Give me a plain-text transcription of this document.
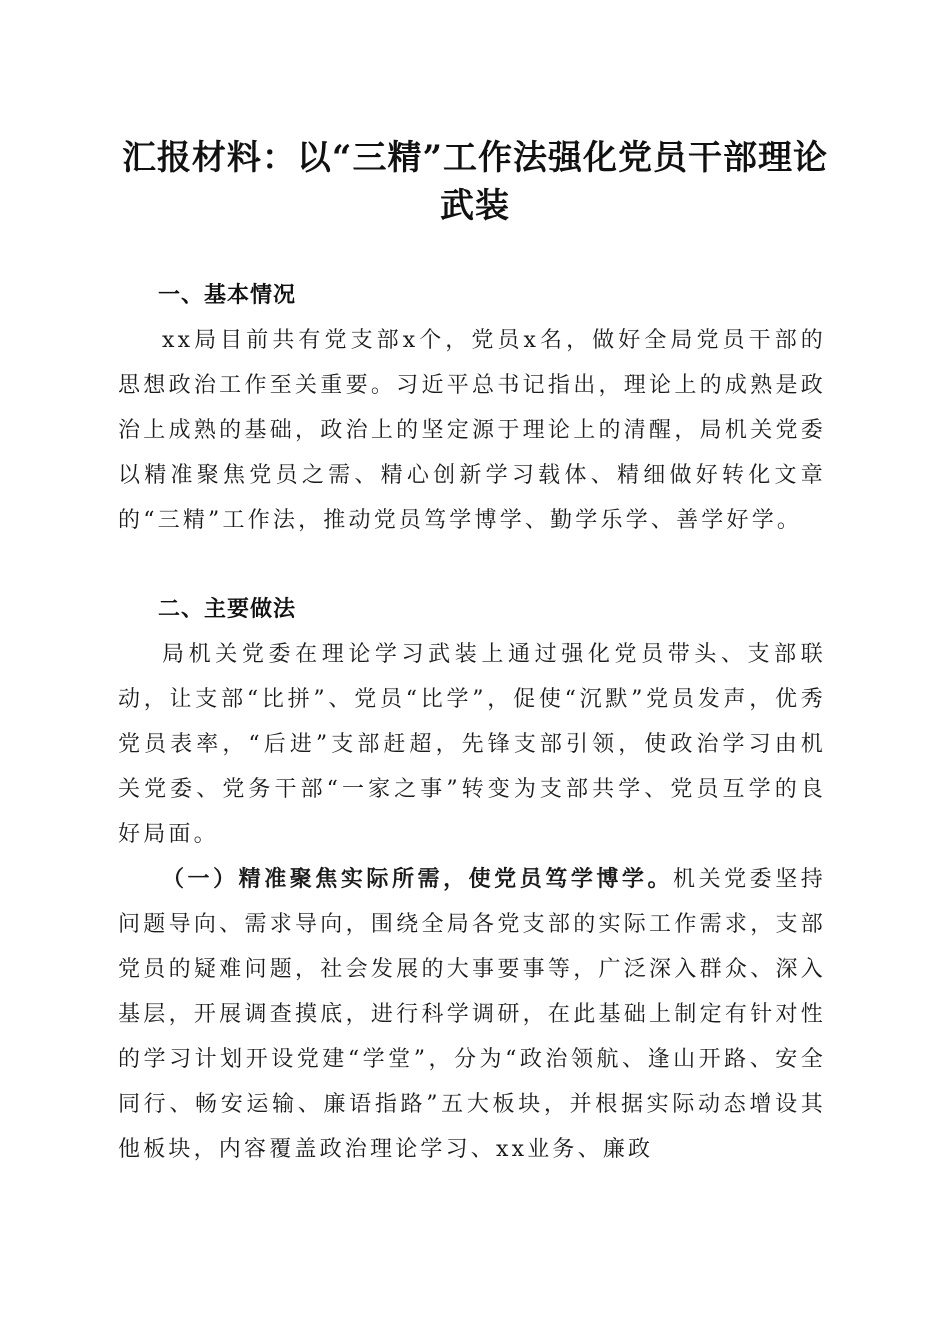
汇报材料：以“三精”工作法强化党员干部理论武装
一、基本情况

xx局目前共有党支部x个，党员x名，做好全局党员干部的思想政治工作至关重要。习近平总书记指出，理论上的成熟是政治上成熟的基础，政治上的坚定源于理论上的清醒，局机关党委以精准聚焦党员之需、精心创新学习载体、精细做好转化文章的“三精”工作法，推动党员笃学博学、勤学乐学、善学好学。

二、主要做法

局机关党委在理论学习武装上通过强化党员带头、支部联动，让支部“比拼”、党员“比学”，促使“沉默”党员发声，优秀党员表率，“后进”支部赶超，先锋支部引领，使政治学习由机关党委、党务干部“一家之事”转变为支部共学、党员互学的良好局面。

（一）精准聚焦实际所需，使党员笃学博学。机关党委坚持问题导向、需求导向，围绕全局各党支部的实际工作需求，支部党员的疑难问题，社会发展的大事要事等，广泛深入群众、深入基层，开展调查摸底，进行科学调研，在此基础上制定有针对性的学习计划开设党建“学堂”，分为“政治领航、逢山开路、安全同行、畅安运输、廉语指路”五大板块，并根据实际动态增设其他板块，内容覆盖政治理论学习、xx业务、廉政
